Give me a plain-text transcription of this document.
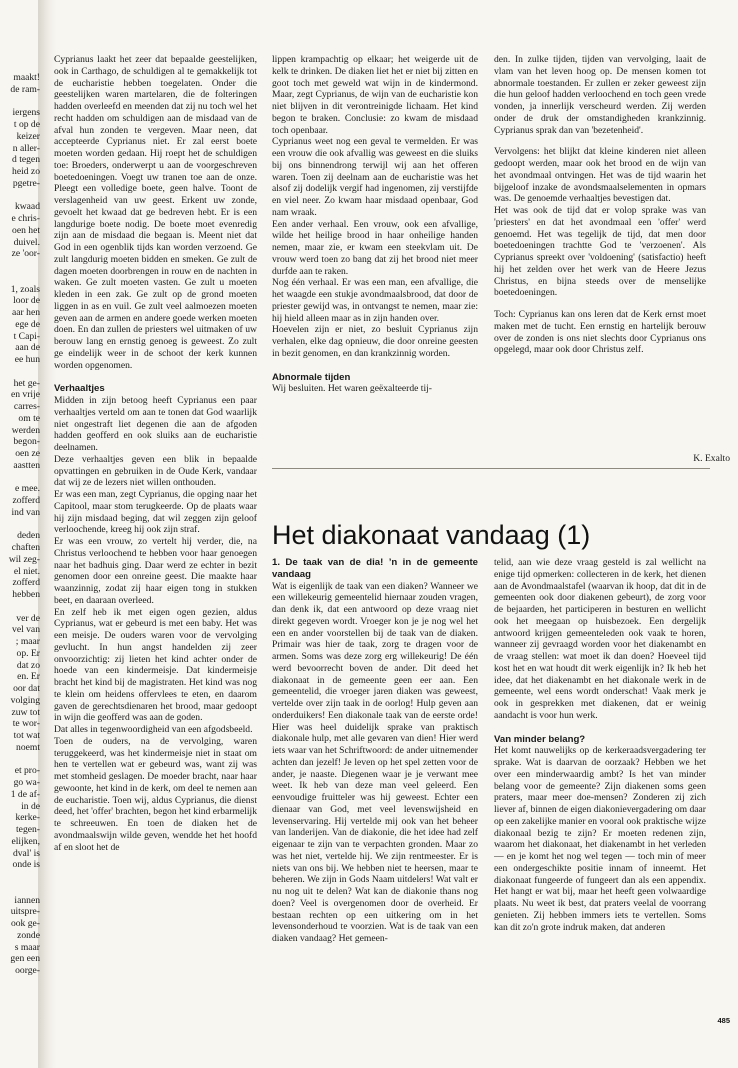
maakt!
de ram-
iergens
t op de
keizer
n aller-
d tegen
heid zo
pgetre-
kwaad
e chris-
oen het
duivel.
ze 'oor-
1, zoals
loor de
aar hen
ege de
t Capi-
aan de
ee hun
het ge-
en vrije
carres-
om te
werden
begon-
oen ze
aastten
e mee.
zofferd
ind van
deden
chaften
wil zeg-
el niet.
zofferd
hebben
ver de
vel van
; maar
op. Er
dat zo
en. Er
oor dat
volging
zuw tot
te wor-
tot wat
noemt
et pro-
go wa-
1 de af-
in de
kerke-
tegen-
elijken,
dval' is
onde is
iannen
uitspre-
ook ge-
zonde
s maar
gen een
oorge-

Cyprianus laakt het zeer dat bepaalde geestelijken, ook in Carthago, de schuldigen al te gemakkelijk tot de eucharistie hebben toegelaten. Onder die geestelijken waren martelaren, die de folteringen hadden overleefd en meenden dat zij nu toch wel het recht hadden om schuldigen aan de misdaad van de afval hun zonden te vergeven. Maar neen, dat accepteerde Cyprianus niet. Er zal eerst boete moeten worden gedaan. Hij roept het de schuldigen toe: Broeders, onderwerpt u aan de voorgeschreven boetedoeningen. Voegt uw tranen toe aan de onze. Pleegt een volledige boete, geen halve. Toont de verslagenheid van uw geest. Erkent uw zonde, gevoelt het kwaad dat ge bedreven hebt. Er is een langdurige boete nodig. De boete moet evenredig zijn aan de misdaad die begaan is. Meent niet dat God in een ogenblik tijds kan worden verzoend. Ge zult langdurig moeten bidden en smeken. Ge zult de dagen moeten doorbrengen in rouw en de nachten in waken. Ge zult moeten vasten. Ge zult u moeten kleden in een zak. Ge zult op de grond moeten liggen in as en vuil. Ge zult veel aalmoezen moeten geven aan de armen en andere goede werken moeten doen. En dan zullen de priesters wel uitmaken of uw berouw lang en ernstig genoeg is geweest. Zo zult ge eindelijk weer in de schoot der kerk kunnen worden opgenomen.

Verhaaltjes

Midden in zijn betoog heeft Cyprianus een paar verhaaltjes verteld om aan te tonen dat God waarlijk niet ongestraft liet degenen die aan de afgoden hadden geofferd en ook sluiks aan de eucharistie deelnamen.

Deze verhaaltjes geven een blik in bepaalde opvattingen en gebruiken in de Oude Kerk, vandaar dat wij ze de lezers niet willen onthouden.

Er was een man, zegt Cyprianus, die opging naar het Capitool, maar stom terugkeerde. Op de plaats waar hij zijn misdaad beging, dat wil zeggen zijn geloof verloochende, kreeg hij ook zijn straf.

Er was een vrouw, zo vertelt hij verder, die, na Christus verloochend te hebben voor haar genoegen naar het badhuis ging. Daar werd ze echter in bezit genomen door een onreine geest. Die maakte haar waanzinnig, zodat zij haar eigen tong in stukken beet, en daaraan overleed.

En zelf heb ik met eigen ogen gezien, aldus Cyprianus, wat er gebeurd is met een baby. Het was een meisje. De ouders waren voor de vervolging gevlucht. In hun angst handelden zij zeer onvoorzichtig: zij lieten het kind achter onder de hoede van een kindermeisje. Dat kindermeisje bracht het kind bij de magistraten. Het kind was nog te klein om heidens offervlees te eten, en daarom gaven de gerechtsdienaren het brood, maar gedoopt in wijn die geofferd was aan de goden.

Dat alles in tegenwoordigheid van een afgodsbeeld.

Toen de ouders, na de vervolging, waren teruggekeerd, was het kindermeisje niet in staat om hen te vertellen wat er gebeurd was, want zij was met stomheid geslagen. De moeder bracht, naar haar gewoonte, het kind in de kerk, om deel te nemen aan de eucharistie. Toen wij, aldus Cyprianus, die dienst deed, het 'offer' brachten, begon het kind erbarmelijk te schreeuwen. En toen de diaken het de avondmaalswijn wilde geven, wendde het het hoofd af en sloot het de

lippen krampachtig op elkaar; het weigerde uit de kelk te drinken. De diaken liet het er niet bij zitten en goot toch met geweld wat wijn in de kindermond. Maar, zegt Cyprianus, de wijn van de eucharistie kon niet blijven in dit verontreinigde lichaam. Het kind begon te braken. Conclusie: zo kwam de misdaad toch openbaar.

Cyprianus weet nog een geval te vermelden. Er was een vrouw die ook afvallig was geweest en die sluiks bij ons binnendrong terwijl wij aan het offeren waren. Toen zij deelnam aan de eucharistie was het alsof zij dodelijk vergif had ingenomen, zij verstijfde en viel neer. Zo kwam haar misdaad openbaar, God nam wraak.

Een ander verhaal. Een vrouw, ook een afvallige, wilde het heilige brood in haar onheilige handen nemen, maar zie, er kwam een steekvlam uit. De vrouw werd toen zo bang dat zij het brood niet meer durfde aan te raken.

Nog één verhaal. Er was een man, een afvallige, die het waagde een stukje avondmaalsbrood, dat door de priester gewijd was, in ontvangst te nemen, maar zie: hij hield alleen maar as in zijn handen over.

Hoevelen zijn er niet, zo besluit Cyprianus zijn verhalen, elke dag opnieuw, die door onreine geesten in bezit genomen, en dan krankzinnig worden.

Abnormale tijden

Wij besluiten. Het waren geëxalteerde tij-

den. In zulke tijden, tijden van vervolging, laait de vlam van het leven hoog op. De mensen komen tot abnormale toestanden. Er zullen er zeker geweest zijn die hun geloof hadden verloochend en toch geen vrede vonden, ja innerlijk verscheurd werden. Zij werden onder de druk der omstandigheden krankzinnig. Cyprianus sprak dan van 'bezetenheid'.

Vervolgens: het blijkt dat kleine kinderen niet alleen gedoopt werden, maar ook het brood en de wijn van het avondmaal ontvingen. Het was de tijd waarin het bijgeloof inzake de avondsmaalselementen in opmars was. De genoemde verhaaltjes bevestigen dat.

Het was ook de tijd dat er volop sprake was van 'priesters' en dat het avondmaal een 'offer' werd genoemd. Het was tegelijk de tijd, dat men door boetedoeningen trachtte God te 'verzoenen'. Als Cyprianus spreekt over 'voldoening' (satisfactio) heeft hij het zelden over het werk van de Heere Jezus Christus, en bijna steeds over de menselijke boetedoeningen.

Toch: Cyprianus kan ons leren dat de Kerk ernst moet maken met de tucht. Een ernstig en hartelijk berouw over de zonden is ons niet slechts door Cyprianus ons opgelegd, maar ook door Christus zelf.

K. Exalto
Het diakonaat vandaag (1)
1. De taak van de dia! ’n in de gemeente vandaag

Wat is eigenlijk de taak van een diaken? Wanneer we een willekeurig gemeentelid hiernaar zouden vragen, dan denk ik, dat een antwoord op deze vraag niet direkt gegeven wordt. Vroeger kon je je nog wel het een en ander voorstellen bij de taak van de diaken. Primair was hier de taak, zorg te dragen voor de armen. Soms was deze zorg erg willekeurig! De één werd bevoorrecht boven de ander. Dit deed het diakonaat in de gemeente geen eer aan. Een gemeentelid, die vroeger jaren diaken was geweest, vertelde over zijn taak in de oorlog! Hulp geven aan onderduikers! Een diakonale taak van de eerste orde! Hier was heel duidelijk sprake van praktisch diakonale hulp, met alle gevaren van dien! Hier werd iets waar van het Schriftwoord: de ander uitnemender achten dan jezelf! Je leven op het spel zetten voor de ander, je naaste. Diegenen waar je je verwant mee weet. Ik heb van deze man veel geleerd. Een eenvoudige fruitteler was hij geweest. Echter een dienaar van God, met veel levenswijsheid en levenservaring. Hij vertelde mij ook van het beheer van landerijen. Van de diakonie, die het idee had zelf eigenaar te zijn van te verpachten gronden. Maar zo was het niet, vertelde hij. We zijn rentmeester. Er is niets van ons bij. We hebben niet te heersen, maar te beheren. We zijn in Gods Naam uitdelers! Wat valt er nu nog uit te delen? Wat kan de diakonie thans nog doen? Veel is overgenomen door de overheid. Er bestaan rechten op een uitkering om in het levensonderhoud te voorzien. Wat is de taak van een diaken vandaag? Het gemeen-

telid, aan wie deze vraag gesteld is zal wellicht na enige tijd opmerken: collecteren in de kerk, het dienen aan de Avondmaalstafel (waarvan ik hoop, dat dit in de gemeenten ook door diakenen gebeurt), de zorg voor de bejaarden, het participeren in besturen en wellicht ook het meegaan op huisbezoek. Een dergelijk antwoord krijgen gemeenteleden ook vaak te horen, wanneer zij gevraagd worden voor het diakenambt en de vraag stellen: wat moet ik dan doen? Hoeveel tijd kost het en wat houdt dit werk eigenlijk in? Ik heb het idee, dat het diakenambt en het diakonale werk in de gemeente, wel eens wordt onderschat! Vaak merk je ook in gesprekken met diakenen, dat er weinig aandacht is voor hun werk.

Van minder belang?

Het komt nauwelijks op de kerkeraadsvergadering ter sprake. Wat is daarvan de oorzaak? Hebben we het over een minderwaardig ambt? Is het van minder belang voor de gemeente? Zijn diakenen soms geen praters, maar meer doe-mensen? Zonderen zij zich liever af, binnen de eigen diakonievergadering om daar op een zakelijke manier en vooral ook praktische wijze diakonaal bezig te zijn? Er moeten redenen zijn, waarom het diakonaat, het diakenambt in het verleden — en je komt het nog wel tegen — toch min of meer een ondergeschikte positie innam of inneemt. Het diakonaat fungeerde of fungeert dan als een appendix. Het hangt er wat bij, maar het heeft geen volwaardige plaats. Nu weet ik best, dat praters veelal de voorrang genieten. Zij hebben immers iets te vertellen. Soms kan dit zo'n grote indruk maken, dat anderen

485
